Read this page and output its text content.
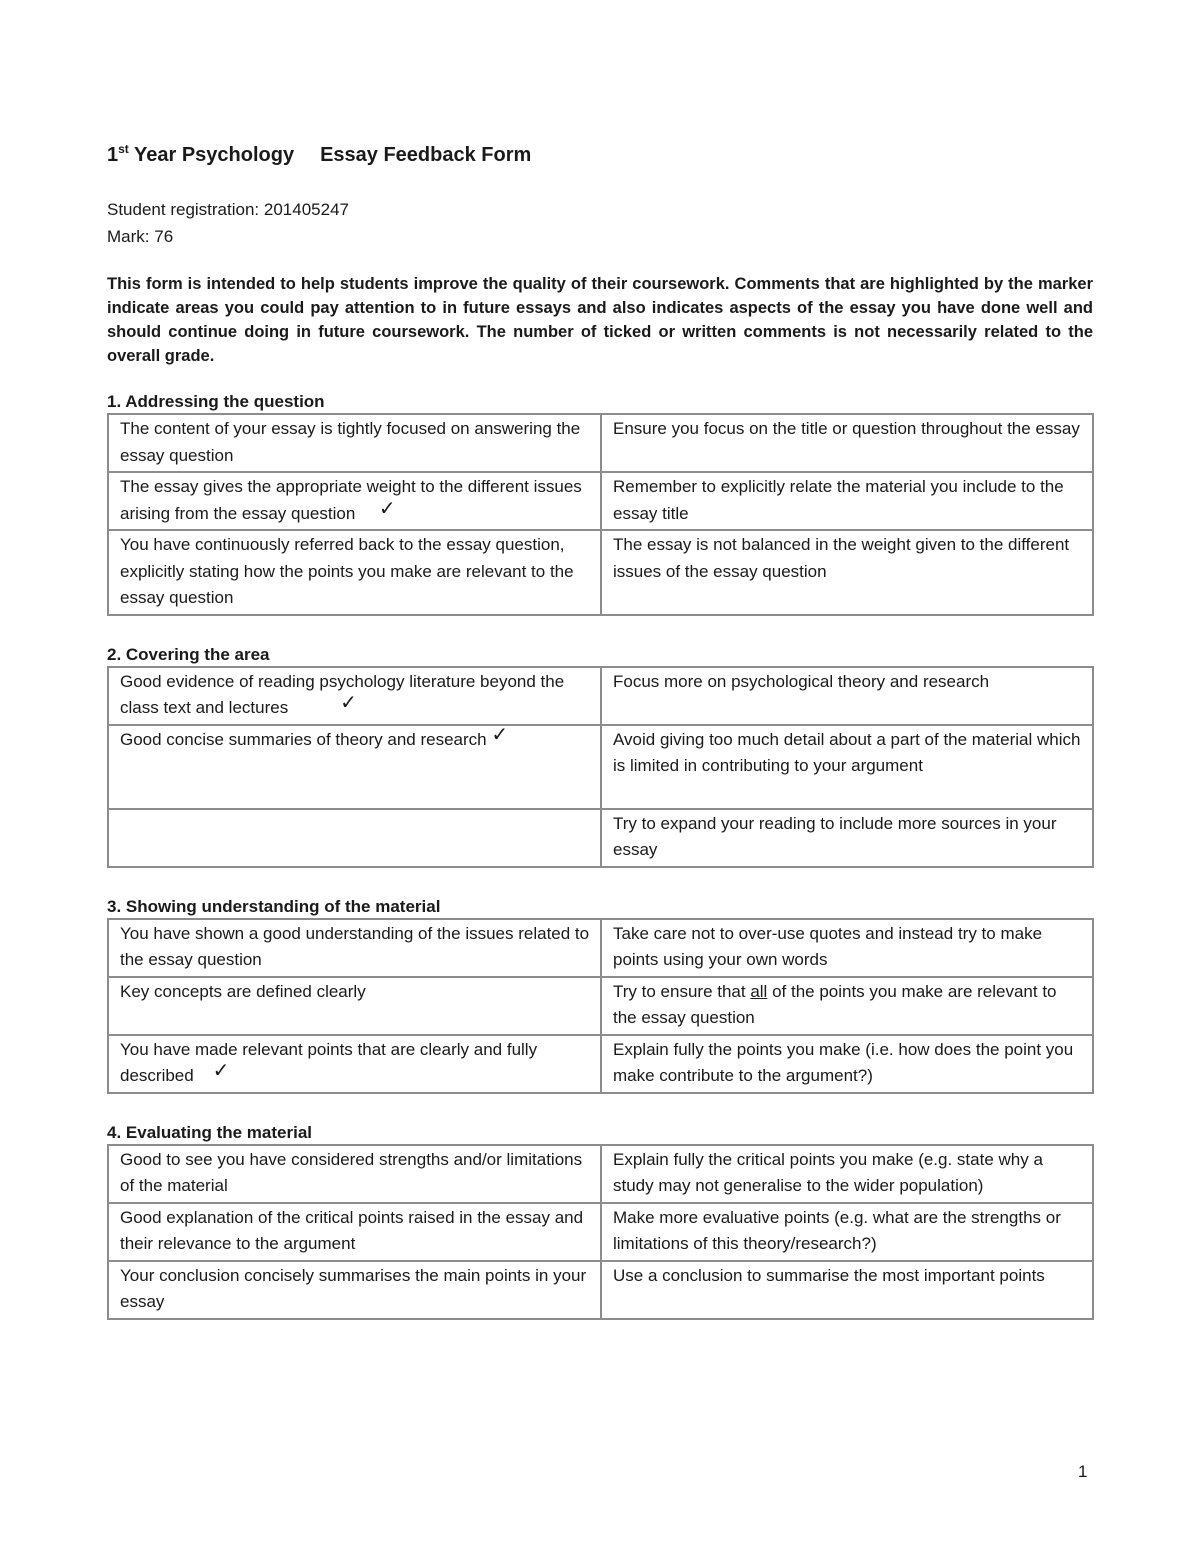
1st Year Psychology Essay Feedback Form
Student registration: 201405247
Mark: 76

This form is intended to help students improve the quality of their coursework. Comments that are highlighted by the marker indicate areas you could pay attention to in future essays and also indicates aspects of the essay you have done well and should continue doing in future coursework. The number of ticked or written comments is not necessarily related to the overall grade.

1. Addressing the question
The content of your essay is tightly focused on answering the essay question	Ensure you focus on the title or question throughout the essay
The essay gives the appropriate weight to the different issues arising from the essay question ✓	Remember to explicitly relate the material you include to the essay title
You have continuously referred back to the essay question, explicitly stating how the points you make are relevant to the essay question	The essay is not balanced in the weight given to the different issues of the essay question
2. Covering the area
Good evidence of reading psychology literature beyond the class text and lectures ✓	Focus more on psychological theory and research
Good concise summaries of theory and research ✓	Avoid giving too much detail about a part of the material which is limited in contributing to your argument
	Try to expand your reading to include more sources in your essay
3. Showing understanding of the material
You have shown a good understanding of the issues related to the essay question	Take care not to over-use quotes and instead try to make points using your own words
Key concepts are defined clearly	Try to ensure that all of the points you make are relevant to the essay question
You have made relevant points that are clearly and fully described ✓	Explain fully the points you make (i.e. how does the point you make contribute to the argument?)
4. Evaluating the material
Good to see you have considered strengths and/or limitations of the material	Explain fully the critical points you make (e.g. state why a study may not generalise to the wider population)
Good explanation of the critical points raised in the essay and their relevance to the argument	Make more evaluative points (e.g. what are the strengths or limitations of this theory/research?)
Your conclusion concisely summarises the main points in your essay	Use a conclusion to summarise the most important points
1
